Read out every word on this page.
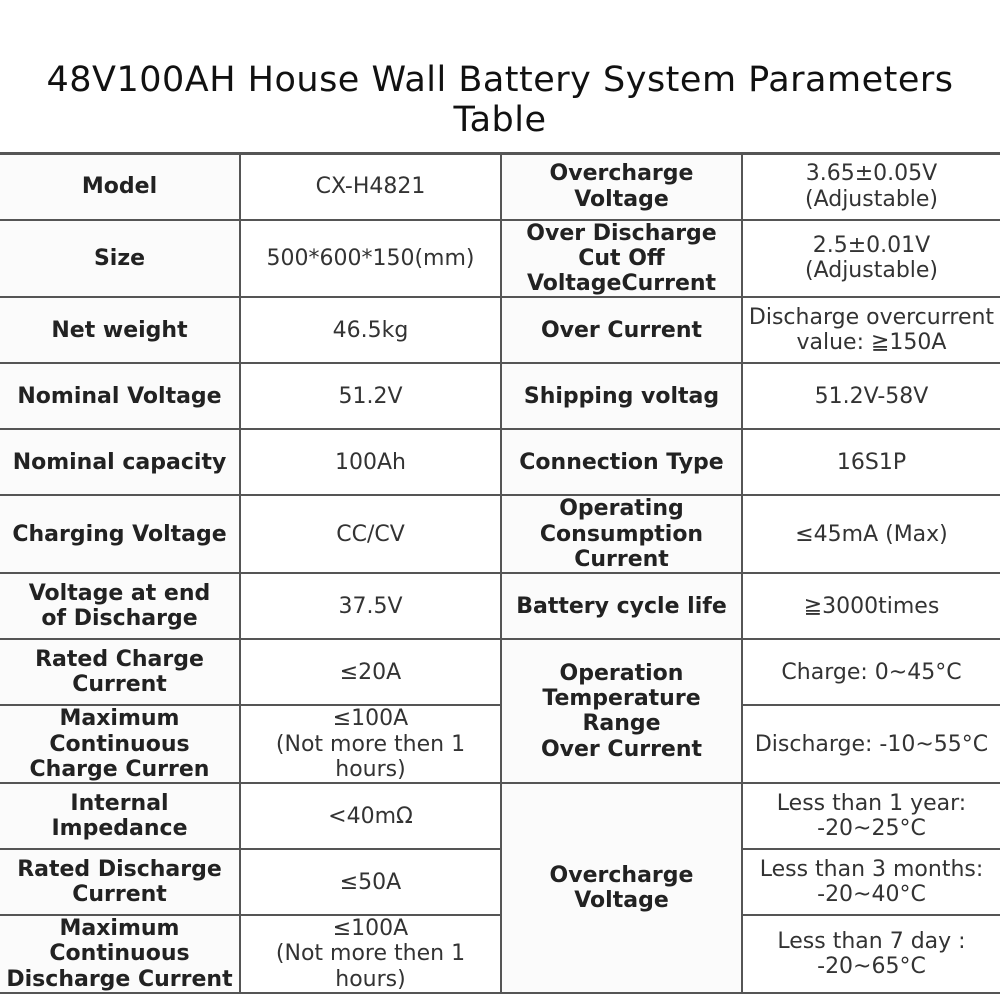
48V100AH House Wall Battery System Parameters Table
Model	CX-H4821	Overcharge Voltage	3.65±0.05V
(Adjustable)

Size	500*600*150(mm)	Over Discharge Cut Off
VoltageCurrent	2.5±0.01V
(Adjustable)

Net weight	46.5kg	Over Current	Discharge overcurrent
value: ≧150A

Nominal Voltage	51.2V	Shipping voltag	51.2V-58V
Nominal capacity	100Ah	Connection Type	16S1P
Charging Voltage	CC/CV	Operating Consumption
Current	≤45mA (Max)

Voltage at end
of Discharge	37.5V	Battery cycle life	≧3000times

Rated Charge
Current	≤20A	Operation
Temperature Range
Over Current	Charge: 0~45°C

Maximum Continuous
Charge Curren	≤100A
(Not more then 1 hours)		Discharge: -10~55°C
Internal Impedance	<40mΩ	Overcharge Voltage	Less than 1 year:
-20~25°C

Rated Discharge
Current	≤50A		Less than 3 months:
-20~40°C

Maximum Continuous
Discharge Current	≤100A
(Not more then 1 hours)		Less than 7 day :
-20~65°C
